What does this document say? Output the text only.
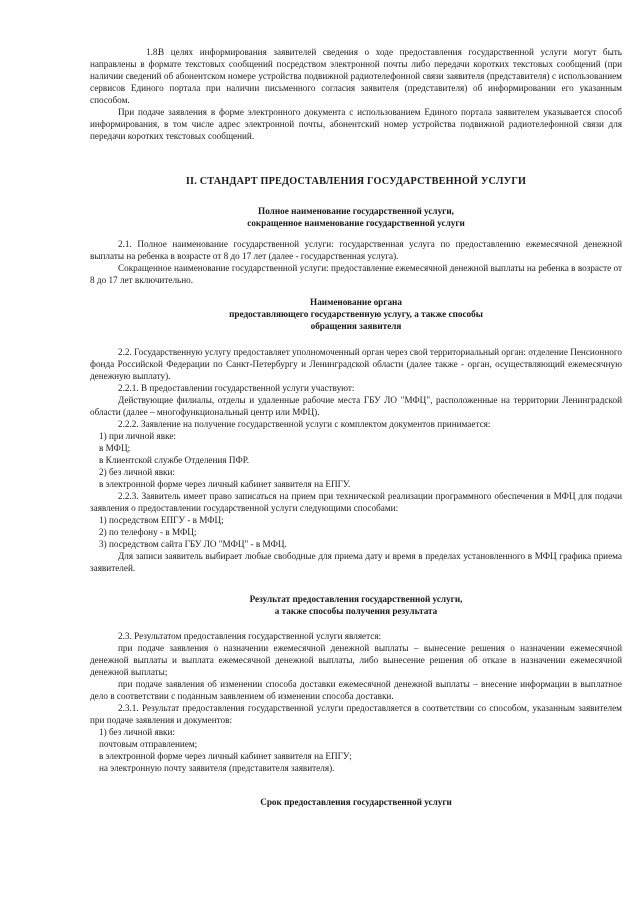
1.8.В целях информирования заявителей сведения о ходе предоставления государственной услуги могут быть направлены в формате текстовых сообщений посредством электронной почты либо передачи коротких текстовых сообщений (при наличии сведений об абонентском номере устройства подвижной радиотелефонной связи заявителя (представителя) с использованием сервисов Единого портала при наличии письменного согласия заявителя (представителя) об информировании его указанным способом.

При подаче заявления в форме электронного документа с использованием Единого портала заявителем указывается способ информирования, в том числе адрес электронной почты, абонентский номер устройства подвижной радиотелефонной связи для передачи коротких текстовых сообщений.

II. СТАНДАРТ ПРЕДОСТАВЛЕНИЯ ГОСУДАРСТВЕННОЙ УСЛУГИ

Полное наименование государственной услуги,

сокращенное наименование государственной услуги

2.1. Полное наименование государственной услуги: государственная услуга по предоставлению ежемесячной денежной выплаты на ребенка в возрасте от 8 до 17 лет (далее - государственная услуга).

Сокращенное наименование государственной услуги: предоставление ежемесячной денежной выплаты на ребенка в возрасте от 8 до 17 лет включительно.

Наименование органа

предоставляющего государственную услугу, а также способы

обращения заявителя

2.2. Государственную услугу предоставляет уполномоченный орган через свой территориальный орган: отделение Пенсионного фонда Российской Федерации по Санкт-Петербургу и Ленинградской области (далее также - орган, осуществляющий ежемесячную денежную выплату).

2.2.1. В предоставлении государственной услуги участвуют:

Действующие филиалы, отделы и удаленные рабочие места ГБУ ЛО "МФЦ", расположенные на территории Ленинградской области (далее – многофункциональный центр или МФЦ).

2.2.2. Заявление на получение государственной услуги с комплектом документов принимается:

1) при личной явке:

в МФЦ;

в Клиентской службе Отделения ПФР.

2) без личной явки:

в электронной форме через личный кабинет заявителя на ЕПГУ.

2.2.3. Заявитель имеет право записаться на прием при технической реализации программного обеспечения в МФЦ для подачи заявления о предоставлении государственной услуги следующими способами:

1) посредством ЕПГУ - в МФЦ;

2) по телефону - в МФЦ;

3) посредством сайта ГБУ ЛО "МФЦ" - в МФЦ.

Для записи заявитель выбирает любые свободные для приема дату и время в пределах установленного в МФЦ графика приема заявителей.

Результат предоставления государственной услуги,

а также способы получения результата

2.3. Результатом предоставления государственной услуги является:

при подаче заявления о назначении ежемесячной денежной выплаты – вынесение решения о назначении ежемесячной денежной выплаты и выплата ежемесячной денежной выплаты, либо вынесение решения об отказе в назначении ежемесячной денежной выплаты;

при подаче заявления об изменении способа доставки ежемесячной денежной выплаты – внесение информации в выплатное дело в соответствии с поданным заявлением об изменении способа доставки.

2.3.1. Результат предоставления государственной услуги предоставляется в соответствии со способом, указанным заявителем при подаче заявления и документов:

1) без личной явки:

почтовым отправлением;

в электронной форме через личный кабинет заявителя на ЕПГУ;

на электронную почту заявителя (представителя заявителя).

Срок предоставления государственной услуги
